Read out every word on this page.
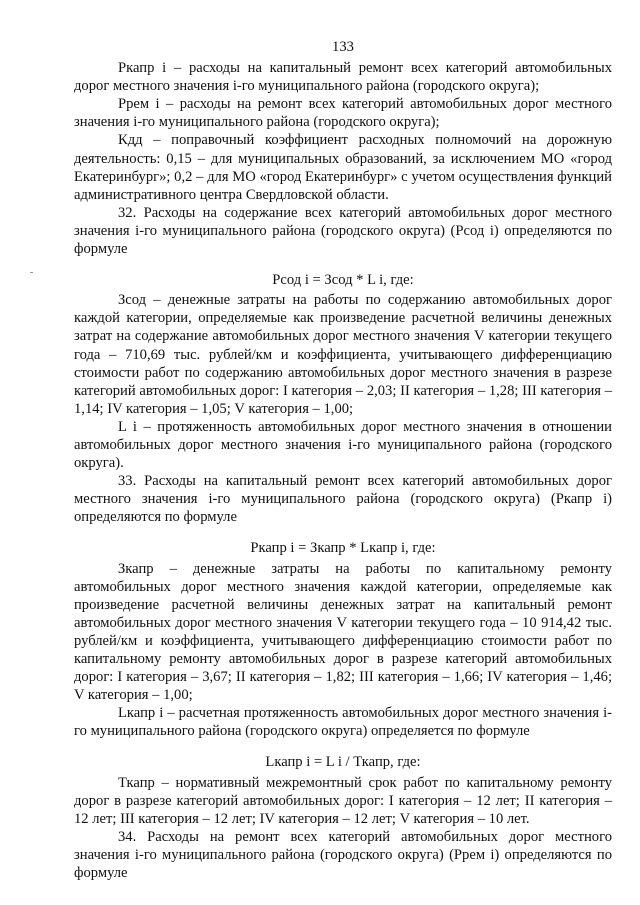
133

Ркапр i – расходы на капитальный ремонт всех категорий автомобильных дорог местного значения i-го муниципального района (городского округа);

Ррем i – расходы на ремонт всех категорий автомобильных дорог местного значения i-го муниципального района (городского округа);

Кдд – поправочный коэффициент расходных полномочий на дорожную деятельность: 0,15 – для муниципальных образований, за исключением МО «город Екатеринбург»; 0,2 – для МО «город Екатеринбург» с учетом осуществления функций административного центра Свердловской области.

32. Расходы на содержание всех категорий автомобильных дорог местного значения i-го муниципального района (городского округа) (Рсод i) определяются по формуле

Рсод i = Зсод * L i, где:

Зсод – денежные затраты на работы по содержанию автомобильных дорог каждой категории, определяемые как произведение расчетной величины денежных затрат на содержание автомобильных дорог местного значения V категории текущего года – 710,69 тыс. рублей/км и коэффициента, учитывающего дифференциацию стоимости работ по содержанию автомобильных дорог местного значения в разрезе категорий автомобильных дорог: I категория – 2,03; II категория – 1,28; III категория – 1,14; IV категория – 1,05; V категория – 1,00;

L i – протяженность автомобильных дорог местного значения в отношении автомобильных дорог местного значения i-го муниципального района (городского округа).

33. Расходы на капитальный ремонт всех категорий автомобильных дорог местного значения i-го муниципального района (городского округа) (Ркапр i) определяются по формуле

Ркапр i = Зкапр * Lкапр i, где:

Зкапр – денежные затраты на работы по капитальному ремонту автомобильных дорог местного значения каждой категории, определяемые как произведение расчетной величины денежных затрат на капитальный ремонт автомобильных дорог местного значения V категории текущего года – 10 914,42 тыс. рублей/км и коэффициента, учитывающего дифференциацию стоимости работ по капитальному ремонту автомобильных дорог в разрезе категорий автомобильных дорог: I категория – 3,67; II категория – 1,82; III категория – 1,66; IV категория – 1,46; V категория – 1,00;

Lкапр i – расчетная протяженность автомобильных дорог местного значения i-го муниципального района (городского округа) определяется по формуле

Lкапр i = L i / Ткапр, где:

Ткапр – нормативный межремонтный срок работ по капитальному ремонту дорог в разрезе категорий автомобильных дорог: I категория – 12 лет; II категория – 12 лет; III категория – 12 лет; IV категория – 12 лет; V категория – 10 лет.

34. Расходы на ремонт всех категорий автомобильных дорог местного значения i-го муниципального района (городского округа) (Ррем i) определяются по формуле
